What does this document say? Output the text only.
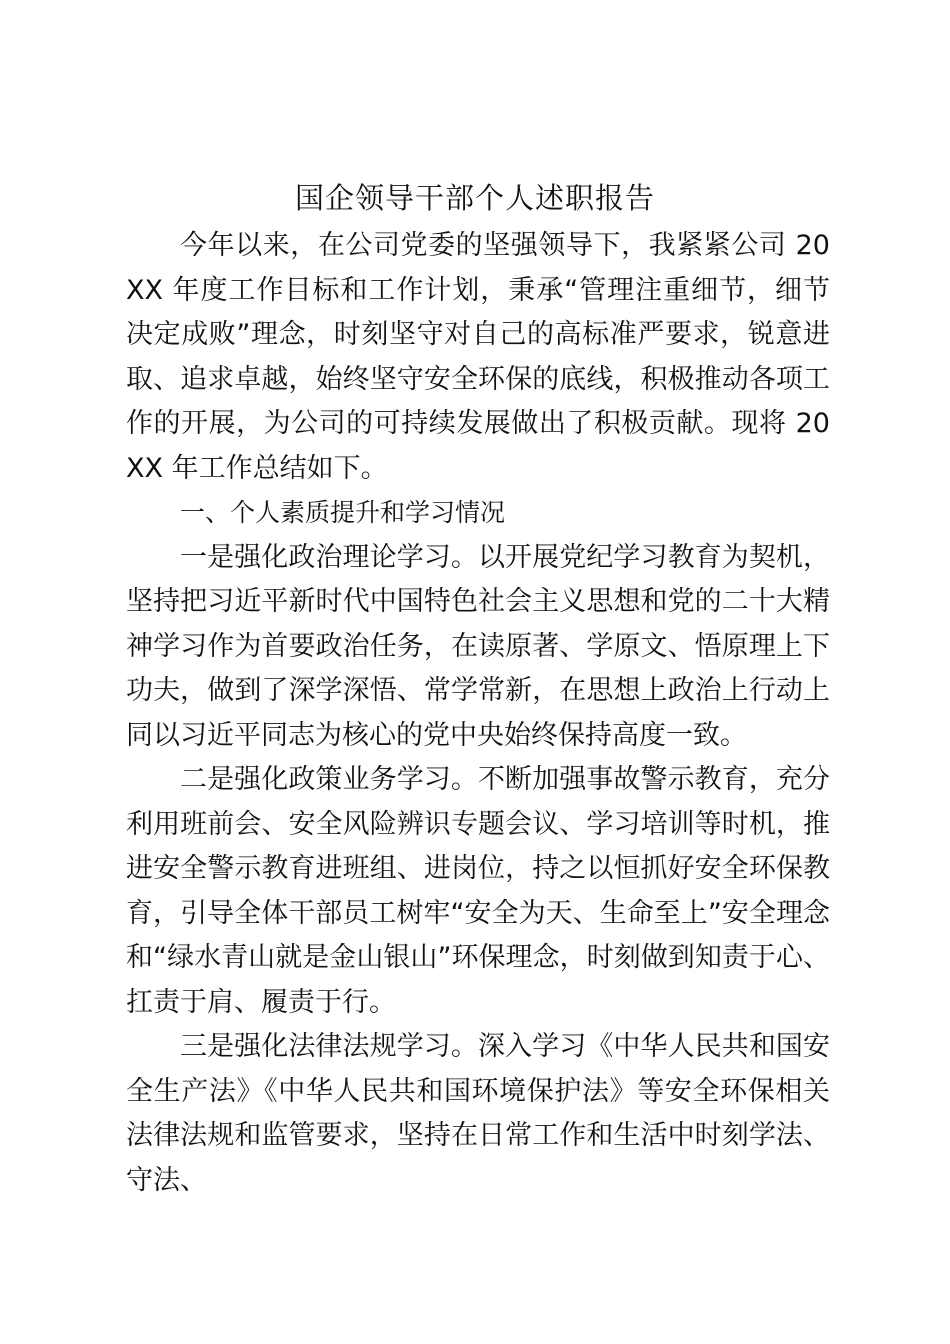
国企领导干部个人述职报告

今年以来，在公司党委的坚强领导下，我紧紧公司 20XX 年度工作目标和工作计划，秉承“管理注重细节，细节决定成败”理念，时刻坚守对自己的高标准严要求，锐意进取、追求卓越，始终坚守安全环保的底线，积极推动各项工作的开展，为公司的可持续发展做出了积极贡献。现将 20XX 年工作总结如下。

一、个人素质提升和学习情况

一是强化政治理论学习。以开展党纪学习教育为契机，坚持把习近平新时代中国特色社会主义思想和党的二十大精神学习作为首要政治任务，在读原著、学原文、悟原理上下功夫，做到了深学深悟、常学常新，在思想上政治上行动上同以习近平同志为核心的党中央始终保持高度一致。

二是强化政策业务学习。不断加强事故警示教育，充分利用班前会、安全风险辨识专题会议、学习培训等时机，推进安全警示教育进班组、进岗位，持之以恒抓好安全环保教育，引导全体干部员工树牢“安全为天、生命至上”安全理念和“绿水青山就是金山银山”环保理念，时刻做到知责于心、扛责于肩、履责于行。

三是强化法律法规学习。深入学习《中华人民共和国安全生产法》《中华人民共和国环境保护法》等安全环保相关法律法规和监管要求，坚持在日常工作和生活中时刻学法、守法、
